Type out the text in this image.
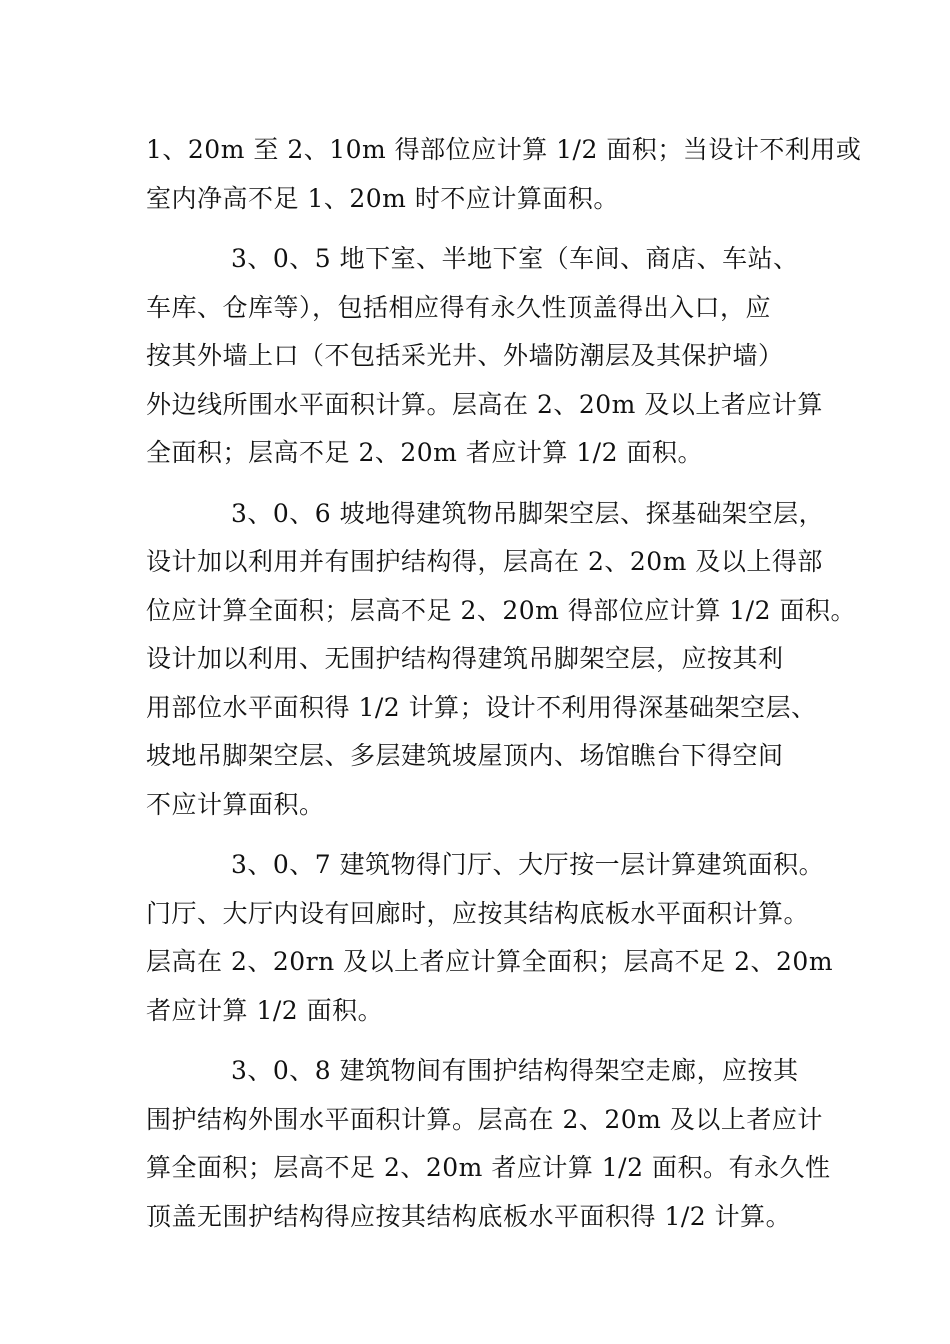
1、20m 至 2、10m 得部位应计算 1/2 面积；当设计不利用或
室内净高不足 1、20m 时不应计算面积。
3、0、5 地下室、半地下室（车间、商店、车站、
车库、仓库等），包括相应得有永久性顶盖得出入口，应
按其外墙上口（不包括采光井、外墙防潮层及其保护墙）
外边线所围水平面积计算。层高在 2、20m 及以上者应计算
全面积；层高不足 2、20m 者应计算 1/2 面积。
3、0、6 坡地得建筑物吊脚架空层、探基础架空层，
设计加以利用并有围护结构得，层高在 2、20m 及以上得部
位应计算全面积；层高不足 2、20m 得部位应计算 1/2 面积。
设计加以利用、无围护结构得建筑吊脚架空层，应按其利
用部位水平面积得 1/2 计算；设计不利用得深基础架空层、
坡地吊脚架空层、多层建筑坡屋顶内、场馆瞧台下得空间
不应计算面积。
3、0、7 建筑物得门厅、大厅按一层计算建筑面积。
门厅、大厅内设有回廊时，应按其结构底板水平面积计算。
层高在 2、20rn 及以上者应计算全面积；层高不足 2、20m
者应计算 1/2 面积。
3、0、8 建筑物间有围护结构得架空走廊，应按其
围护结构外围水平面积计算。层高在 2、20m 及以上者应计
算全面积；层高不足 2、20m 者应计算 1/2 面积。有永久性
顶盖无围护结构得应按其结构底板水平面积得 1/2 计算。
